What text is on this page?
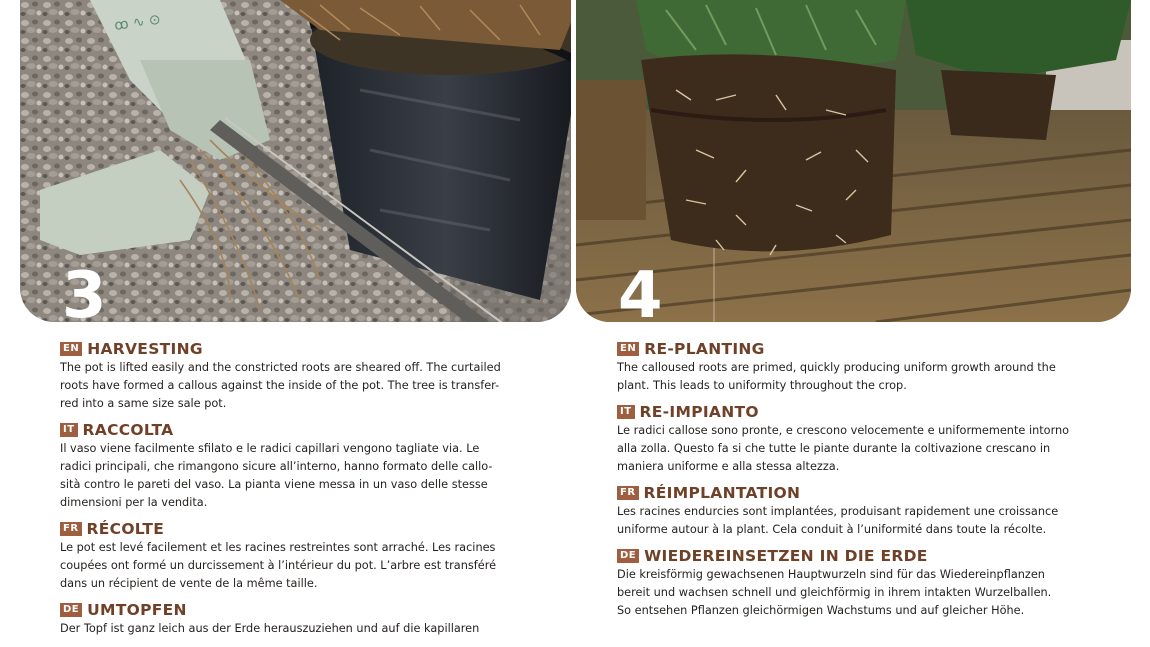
ꝏ ∿ ⊙
3	4
EN HARVESTING
The pot is lifted easily and the constricted roots are sheared off. The curtailed
roots have formed a callous against the inside of the pot. The tree is transfer-
red into a same size sale pot.
IT RACCOLTA
Il vaso viene facilmente sfilato e le radici capillari vengono tagliate via. Le
radici principali, che rimangono sicure all’interno, hanno formato delle callo-
sità contro le pareti del vaso. La pianta viene messa in un vaso delle stesse
dimensioni per la vendita.
FR RÉCOLTE
Le pot est levé facilement et les racines restreintes sont arraché. Les racines
coupées ont formé un durcissement à l’intérieur du pot. L’arbre est transféré
dans un récipient de vente de la même taille.
DE UMTOPFEN
Der Topf ist ganz leich aus der Erde herauszuziehen und auf die kapillaren
EN RE-PLANTING
The calloused roots are primed, quickly producing uniform growth around the
plant. This leads to uniformity throughout the crop.
IT RE-IMPIANTO
Le radici callose sono pronte, e crescono velocemente e uniformemente intorno
alla zolla. Questo fa si che tutte le piante durante la coltivazione crescano in
maniera uniforme e alla stessa altezza.
FR RÉIMPLANTATION
Les racines endurcies sont implantées, produisant rapidement une croissance
uniforme autour à la plant. Cela conduit à l’uniformité dans toute la récolte.
DE WIEDEREINSETZEN IN DIE ERDE
Die kreisförmig gewachsenen Hauptwurzeln sind für das Wiedereinpflanzen
bereit und wachsen schnell und gleichförmig in ihrem intakten Wurzelballen.
So entsehen Pflanzen gleichörmigen Wachstums und auf gleicher Höhe.
